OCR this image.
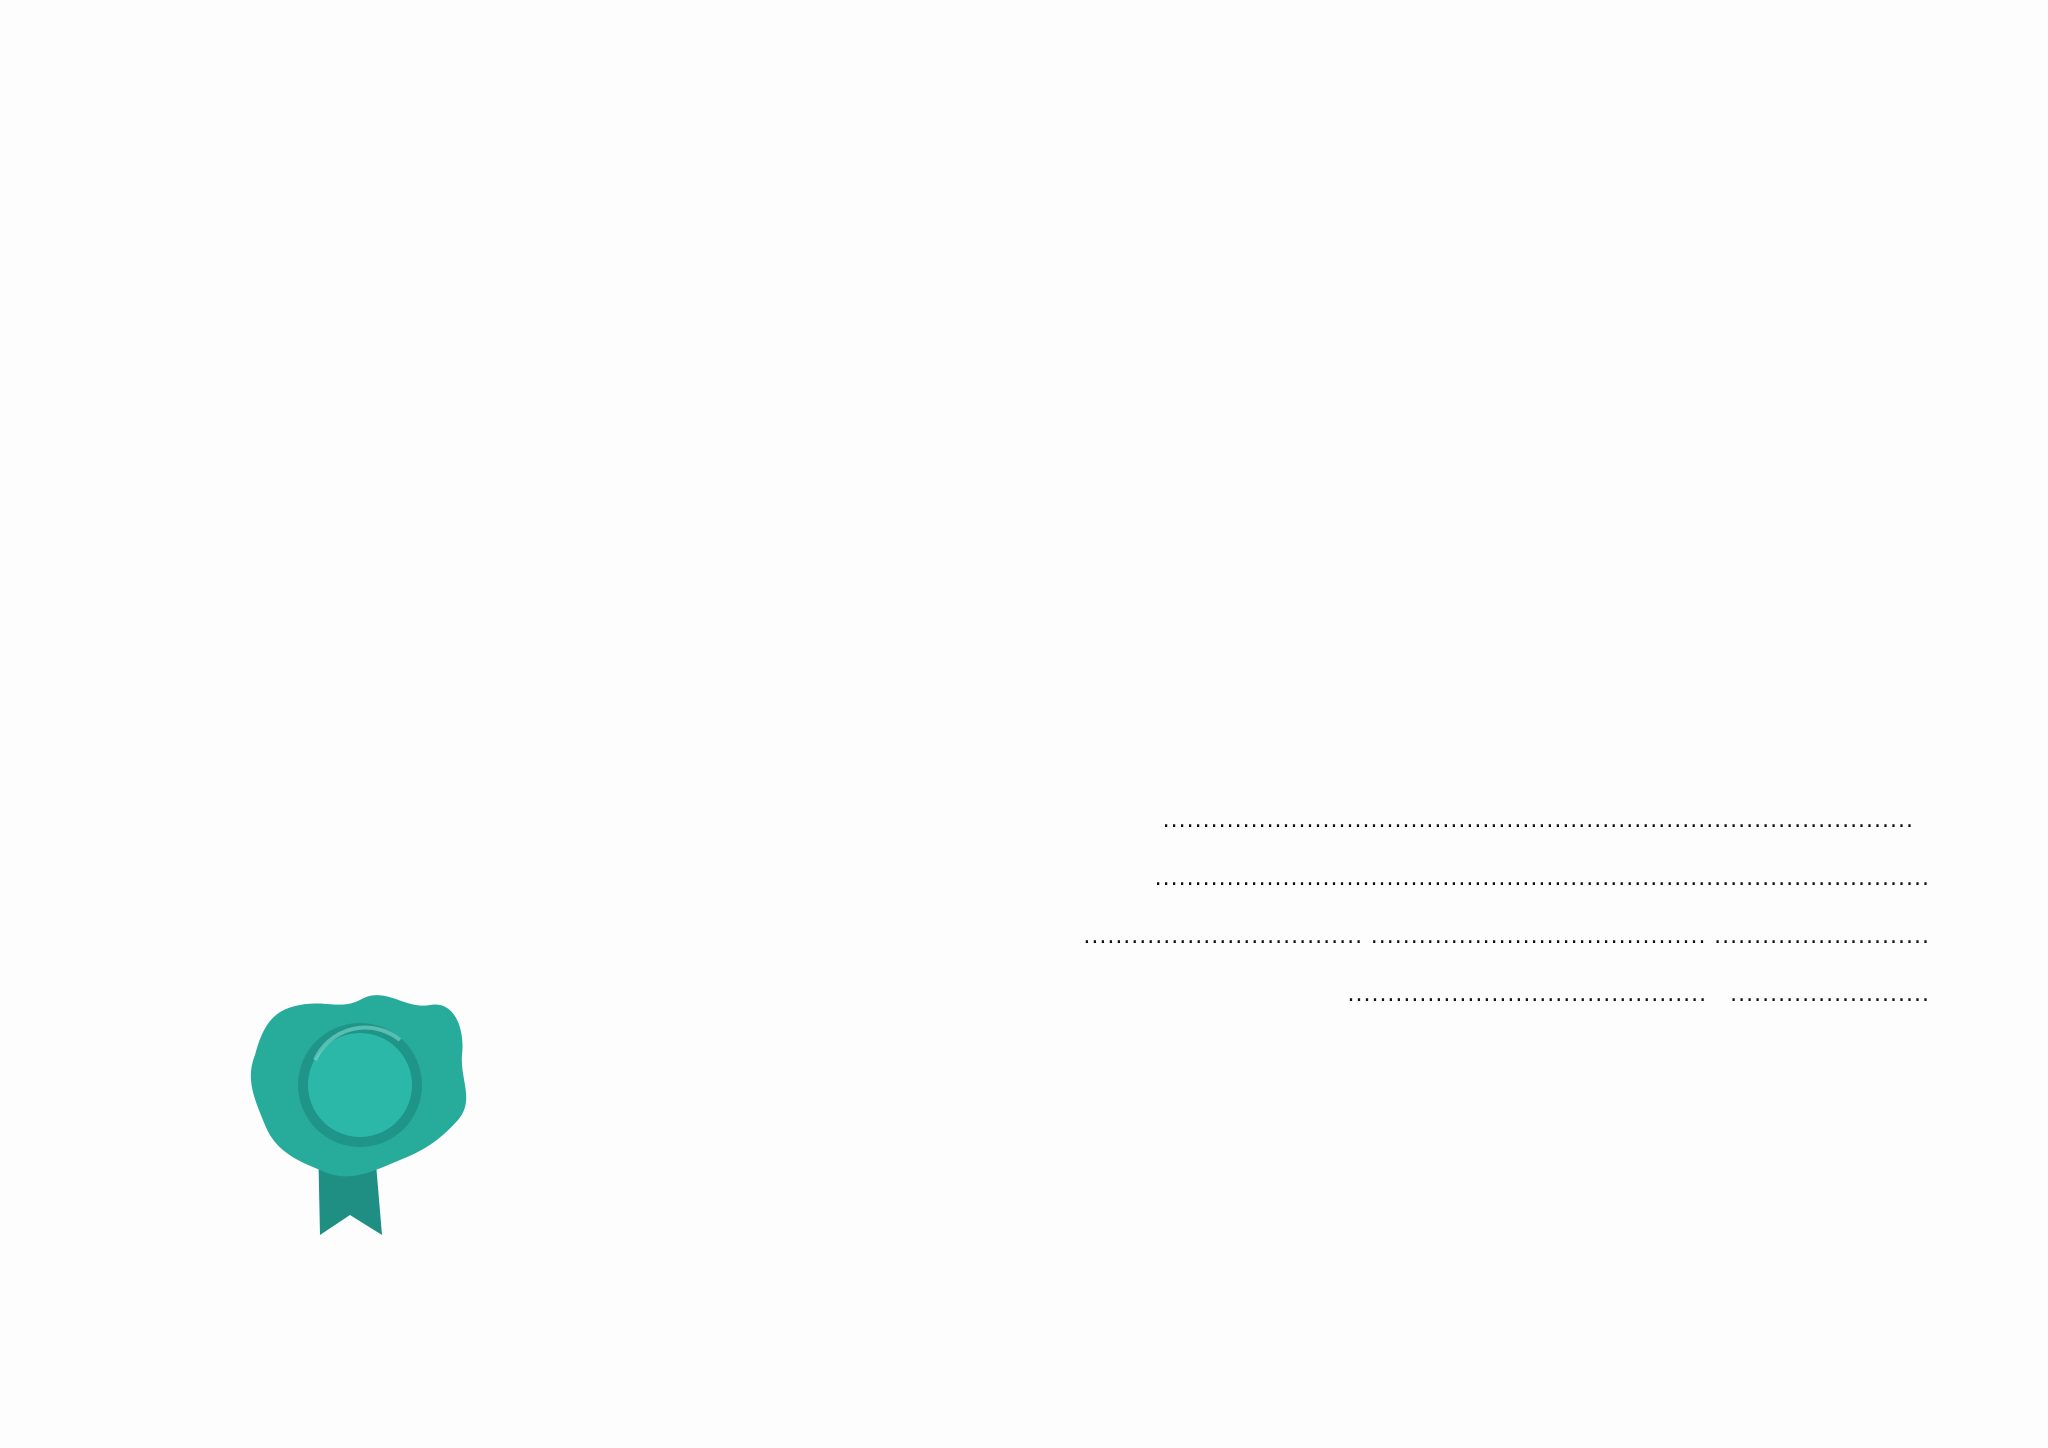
..............................................................................................
.................................................................................................
........................... .......................................... ...................................
.........................   .............................................
